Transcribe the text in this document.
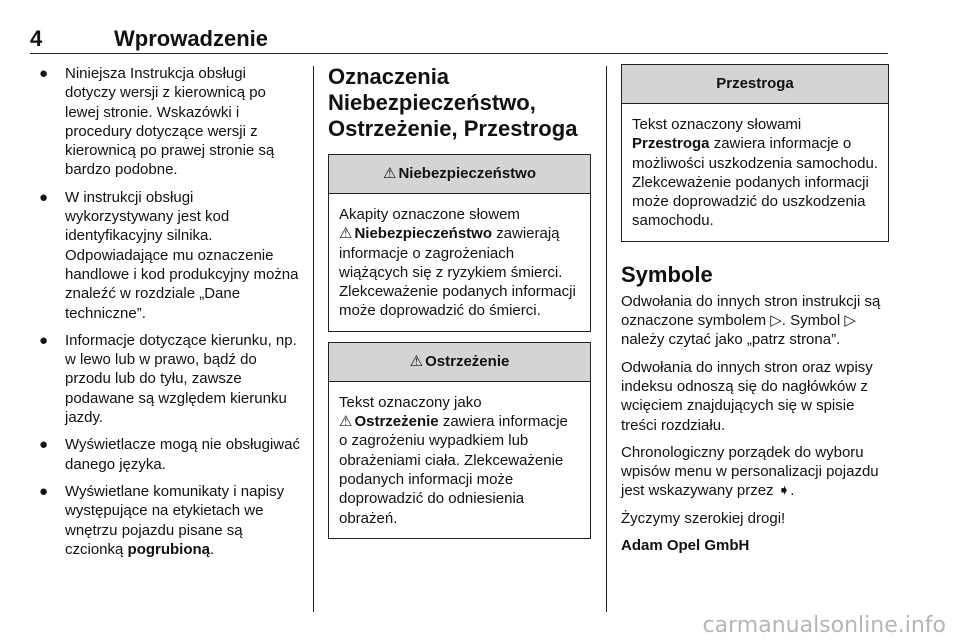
4	Wprowadzenie
● Niniejsza Instrukcja obsługi dotyczy wersji z kierownicą po lewej stronie. Wskazówki i procedury dotyczące wersji z kierownicą po prawej stronie są bardzo podobne.
● W instrukcji obsługi wykorzystywany jest kod identyfikacyjny silnika. Odpowiadające mu oznaczenie handlowe i kod produkcyjny można znaleźć w rozdziale „Dane techniczne”.
● Informacje dotyczące kierunku, np. w lewo lub w prawo, bądź do przodu lub do tyłu, zawsze podawane są względem kierunku jazdy.
● Wyświetlacze mogą nie obsługiwać danego języka.
● Wyświetlane komunikaty i napisy występujące na etykietach we wnętrzu pojazdu pisane są czcionką pogrubioną.
Oznaczenia Niebezpieczeństwo, Ostrzeżenie, Przestroga
⚠ Niebezpieczeństwo
Akapity oznaczone słowem
⚠ Niebezpieczeństwo zawierają informacje o zagrożeniach wiążących się z ryzykiem śmierci. Zlekceważenie podanych informacji może doprowadzić do śmierci.
⚠ Ostrzeżenie
Tekst oznaczony jako
⚠ Ostrzeżenie zawiera informacje o zagrożeniu wypadkiem lub obrażeniami ciała. Zlekceważenie podanych informacji może doprowadzić do odniesienia obrażeń.
Przestroga
Tekst oznaczony słowami
Przestroga zawiera informacje o możliwości uszkodzenia samochodu. Zlekceważenie podanych informacji może doprowadzić do uszkodzenia samochodu.
Symbole

Odwołania do innych stron instrukcji są oznaczone symbolem ▷. Symbol ▷ należy czytać jako „patrz strona”.

Odwołania do innych stron oraz wpisy indeksu odnoszą się do nagłówków z wcięciem znajdujących się w spisie treści rozdziału.

Chronologiczny porządek do wyboru wpisów menu w personalizacji pojazdu jest wskazywany przez ➧.

Życzymy szerokiej drogi!

Adam Opel GmbH

carmanualsonline.info
